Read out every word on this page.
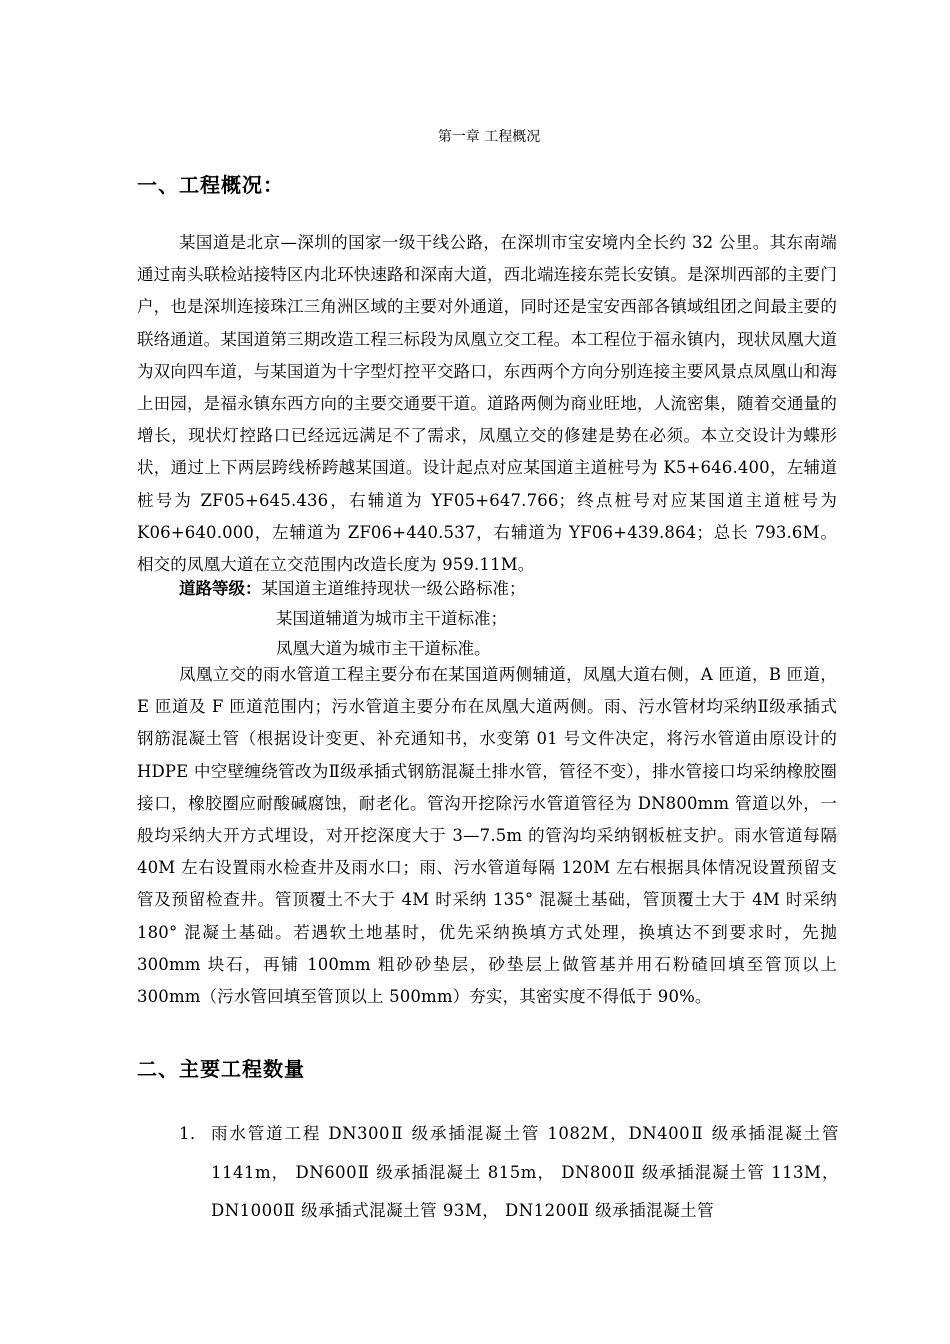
第一章 工程概况
一、工程概况：

某国道是北京—深圳的国家一级干线公路，在深圳市宝安境内全长约 32 公里。其东南端通过南头联检站接特区内北环快速路和深南大道，西北端连接东莞长安镇。是深圳西部的主要门户，也是深圳连接珠江三角洲区域的主要对外通道，同时还是宝安西部各镇域组团之间最主要的联络通道。某国道第三期改造工程三标段为凤凰立交工程。本工程位于福永镇内，现状凤凰大道为双向四车道，与某国道为十字型灯控平交路口，东西两个方向分别连接主要风景点凤凰山和海上田园，是福永镇东西方向的主要交通要干道。道路两侧为商业旺地，人流密集，随着交通量的增长，现状灯控路口已经远远满足不了需求，凤凰立交的修建是势在必须。本立交设计为蝶形状，通过上下两层跨线桥跨越某国道。设计起点对应某国道主道桩号为 K5+646.400，左辅道桩号为 ZF05+645.436，右辅道为 YF05+647.766；终点桩号对应某国道主道桩号为 K06+640.000，左辅道为 ZF06+440.537，右辅道为 YF06+439.864；总长 793.6M。相交的凤凰大道在立交范围内改造长度为 959.11M。

道路等级：某国道主道维持现状一级公路标准；
某国道辅道为城市主干道标准；
凤凰大道为城市主干道标准。

凤凰立交的雨水管道工程主要分布在某国道两侧辅道，凤凰大道右侧，A 匝道，B 匝道，E 匝道及 F 匝道范围内；污水管道主要分布在凤凰大道两侧。雨、污水管材均采纳Ⅱ级承插式钢筋混凝土管（根据设计变更、补充通知书，水变第 01 号文件决定，将污水管道由原设计的 HDPE 中空壁缠绕管改为Ⅱ级承插式钢筋混凝土排水管，管径不变），排水管接口均采纳橡胶圈接口，橡胶圈应耐酸碱腐蚀，耐老化。管沟开挖除污水管道管径为 DN800mm 管道以外，一般均采纳大开方式埋设，对开挖深度大于 3—7.5m 的管沟均采纳钢板桩支护。雨水管道每隔 40M 左右设置雨水检查井及雨水口；雨、污水管道每隔 120M 左右根据具体情况设置预留支管及预留检查井。管顶覆土不大于 4M 时采纳 135° 混凝土基础，管顶覆土大于 4M 时采纳 180° 混凝土基础。若遇软土地基时，优先采纳换填方式处理，换填达不到要求时，先抛 300mm 块石，再铺 100mm 粗砂砂垫层，砂垫层上做管基并用石粉碴回填至管顶以上 300mm（污水管回填至管顶以上 500mm）夯实，其密实度不得低于 90%。

二、主要工程数量
1． 雨水管道工程 DN300Ⅱ 级承插混凝土管 1082M，DN400Ⅱ 级承插混凝土管 1141m， DN600Ⅱ 级承插混凝土 815m， DN800Ⅱ 级承插混凝土管 113M， DN1000Ⅱ 级承插式混凝土管 93M， DN1200Ⅱ 级承插混凝土管
